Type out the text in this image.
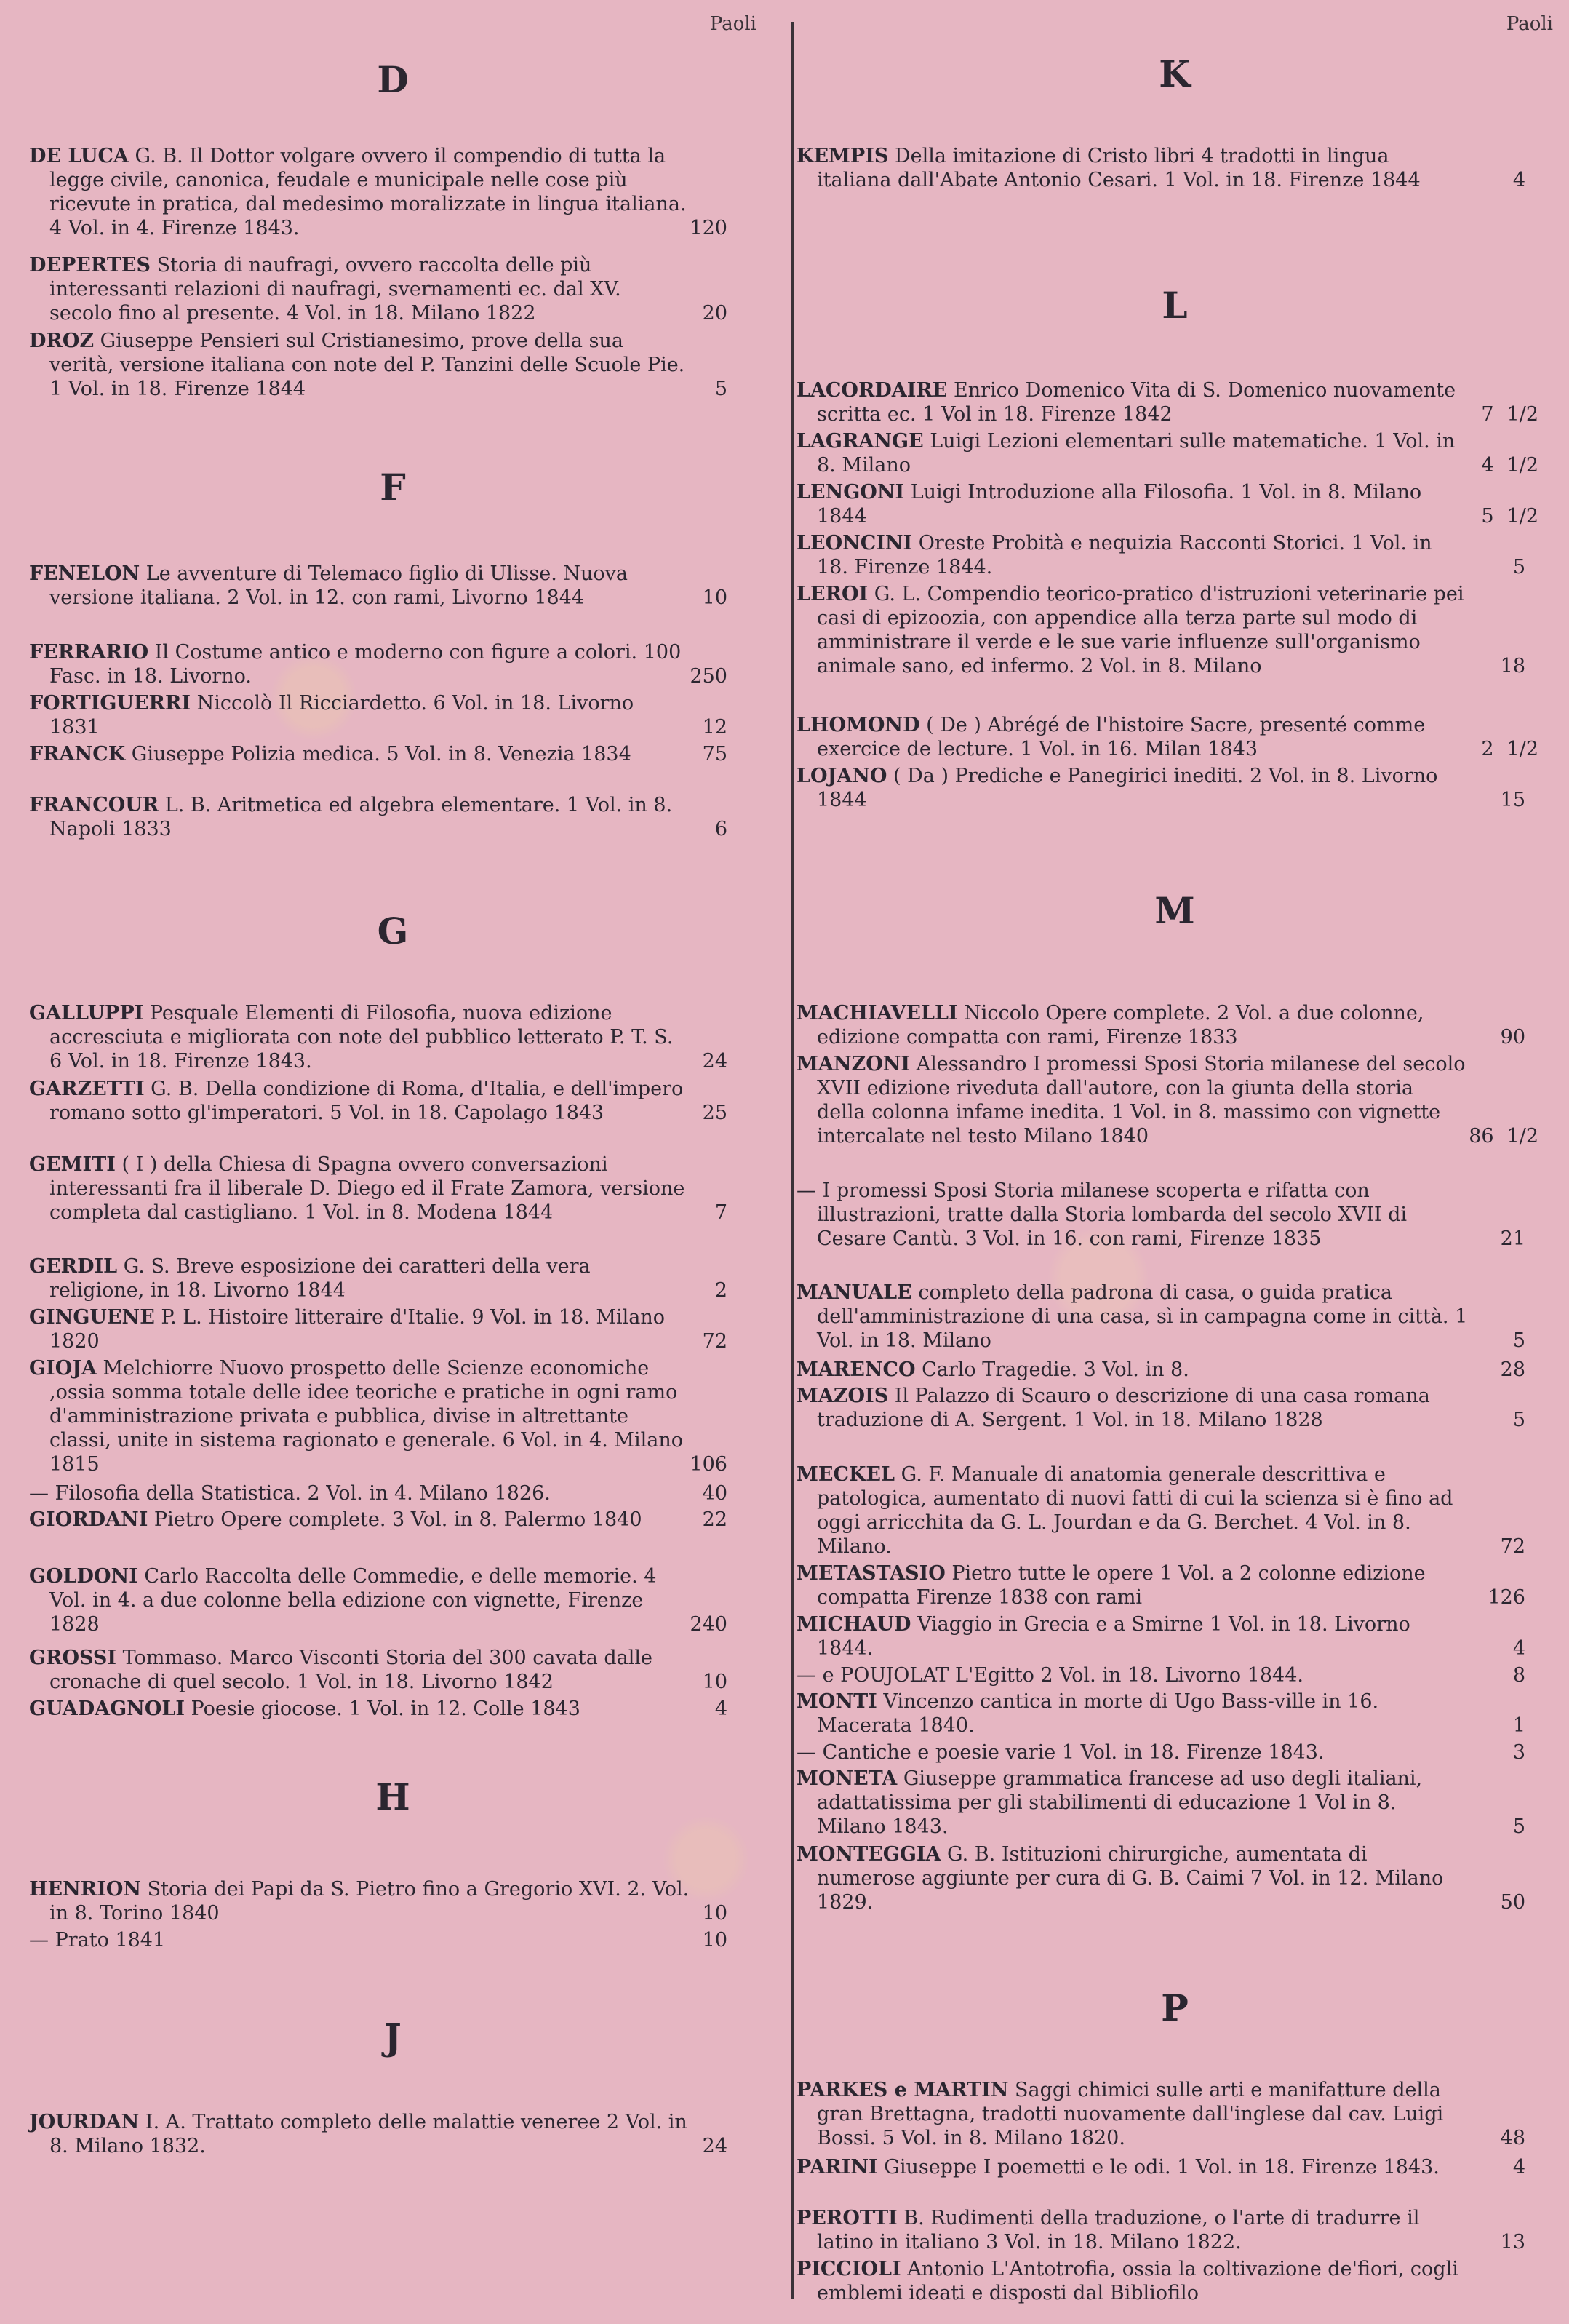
Paoli
D
DE LUCA G. B. Il Dottor volgare ovvero il compendio di tutta la legge civile, canonica, feudale e municipale nelle cose più ricevute in pratica, dal medesimo moralizzate in lingua italiana. 4 Vol. in 4. Firenze 1843.	120
DEPERTES Storia di naufragi, ovvero raccolta delle più interessanti relazioni di naufragi, svernamenti ec. dal XV. secolo fino al presente. 4 Vol. in 18. Milano 1822	20
DROZ Giuseppe Pensieri sul Cristianesimo, prove della sua verità, versione italiana con note del P. Tanzini delle Scuole Pie. 1 Vol. in 18. Firenze 1844	5
F
FENELON Le avventure di Telemaco figlio di Ulisse. Nuova versione italiana. 2 Vol. in 12. con rami, Livorno 1844	10
FERRARIO Il Costume antico e moderno con figure a colori. 100 Fasc. in 18. Livorno.	250
FORTIGUERRI Niccolò Il Ricciardetto. 6 Vol. in 18. Livorno 1831	12
FRANCK Giuseppe Polizia medica. 5 Vol. in 8. Venezia 1834	75
FRANCOUR L. B. Aritmetica ed algebra elementare. 1 Vol. in 8. Napoli 1833	6
G
GALLUPPI Pesquale Elementi di Filosofia, nuova edizione accresciuta e migliorata con note del pubblico letterato P. T. S. 6 Vol. in 18. Firenze 1843.	24
GARZETTI G. B. Della condizione di Roma, d'Italia, e dell'impero romano sotto gl'imperatori. 5 Vol. in 18. Capolago 1843	25
GEMITI ( I ) della Chiesa di Spagna ovvero conversazioni interessanti fra il liberale D. Diego ed il Frate Zamora, versione completa dal castigliano. 1 Vol. in 8. Modena 1844	7
GERDIL G. S. Breve esposizione dei caratteri della vera religione, in 18. Livorno 1844	2
GINGUENE P. L. Histoire litteraire d'Italie. 9 Vol. in 18. Milano 1820	72
GIOJA Melchiorre Nuovo prospetto delle Scienze economiche ,ossia somma totale delle idee teoriche e pratiche in ogni ramo d'amministrazione privata e pubblica, divise in altrettante classi, unite in sistema ragionato e generale. 6 Vol. in 4. Milano 1815	106
— Filosofia della Statistica. 2 Vol. in 4. Milano 1826.	40
GIORDANI Pietro Opere complete. 3 Vol. in 8. Palermo 1840	22
GOLDONI Carlo Raccolta delle Commedie, e delle memorie. 4 Vol. in 4. a due colonne bella edizione con vignette, Firenze 1828	240
GROSSI Tommaso. Marco Visconti Storia del 300 cavata dalle cronache di quel secolo. 1 Vol. in 18. Livorno 1842	10
GUADAGNOLI Poesie giocose. 1 Vol. in 12. Colle 1843	4
H
HENRION Storia dei Papi da S. Pietro fino a Gregorio XVI. 2. Vol. in 8. Torino 1840	10
— Prato 1841	10
J
JOURDAN I. A. Trattato completo delle malattie veneree 2 Vol. in 8. Milano 1832.	24
Paoli
K
KEMPIS Della imitazione di Cristo libri 4 tradotti in lingua italiana dall'Abate Antonio Cesari. 1 Vol. in 18. Firenze 1844	4
L
LACORDAIRE Enrico Domenico Vita di S. Domenico nuovamente scritta ec. 1 Vol in 18. Firenze 1842	7 1/2
LAGRANGE Luigi Lezioni elementari sulle matematiche. 1 Vol. in 8. Milano	4 1/2
LENGONI Luigi Introduzione alla Filosofia. 1 Vol. in 8. Milano 1844	5 1/2
LEONCINI Oreste Probità e nequizia Racconti Storici. 1 Vol. in 18. Firenze 1844.	5
LEROI G. L. Compendio teorico-pratico d'istruzioni veterinarie pei casi di epizoozia, con appendice alla terza parte sul modo di amministrare il verde e le sue varie influenze sull'organismo animale sano, ed infermo. 2 Vol. in 8. Milano	18
LHOMOND ( De ) Abrégé de l'histoire Sacre, presenté comme exercice de lecture. 1 Vol. in 16. Milan 1843	2 1/2
LOJANO ( Da ) Prediche e Panegirici inediti. 2 Vol. in 8. Livorno 1844	15
M
MACHIAVELLI Niccolo Opere complete. 2 Vol. a due colonne, edizione compatta con rami, Firenze 1833	90
MANZONI Alessandro I promessi Sposi Storia milanese del secolo XVII edizione riveduta dall'autore, con la giunta della storia della colonna infame inedita. 1 Vol. in 8. massimo con vignette intercalate nel testo Milano 1840	86 1/2
— I promessi Sposi Storia milanese scoperta e rifatta con illustrazioni, tratte dalla Storia lombarda del secolo XVII di Cesare Cantù. 3 Vol. in 16. con rami, Firenze 1835	21
MANUALE completo della padrona di casa, o guida pratica dell'amministrazione di una casa, sì in campagna come in città. 1 Vol. in 18. Milano	5
MARENCO Carlo Tragedie. 3 Vol. in 8.	28
MAZOIS Il Palazzo di Scauro o descrizione di una casa romana traduzione di A. Sergent. 1 Vol. in 18. Milano 1828	5
MECKEL G. F. Manuale di anatomia generale descrittiva e patologica, aumentato di nuovi fatti di cui la scienza si è fino ad oggi arricchita da G. L. Jourdan e da G. Berchet. 4 Vol. in 8. Milano.	72
METASTASIO Pietro tutte le opere 1 Vol. a 2 colonne edizione compatta Firenze 1838 con rami	126
MICHAUD Viaggio in Grecia e a Smirne 1 Vol. in 18. Livorno 1844.	4
— e POUJOLAT L'Egitto 2 Vol. in 18. Livorno 1844.	8
MONTI Vincenzo cantica in morte di Ugo Bass-ville in 16. Macerata 1840.	1
— Cantiche e poesie varie 1 Vol. in 18. Firenze 1843.	3
MONETA Giuseppe grammatica francese ad uso degli italiani, adattatissima per gli stabilimenti di educazione 1 Vol in 8. Milano 1843.	5
MONTEGGIA G. B. Istituzioni chirurgiche, aumentata di numerose aggiunte per cura di G. B. Caimi 7 Vol. in 12. Milano 1829.	50
P
PARKES e MARTIN Saggi chimici sulle arti e manifatture della gran Brettagna, tradotti nuovamente dall'inglese dal cav. Luigi Bossi. 5 Vol. in 8. Milano 1820.	48
PARINI Giuseppe I poemetti e le odi. 1 Vol. in 18. Firenze 1843.	4
PEROTTI B. Rudimenti della traduzione, o l'arte di tradurre il latino in italiano 3 Vol. in 18. Milano 1822.	13
PICCIOLI Antonio L'Antotrofia, ossia la coltivazione de'fiori, cogli emblemi ideati e disposti dal Bibliofilo
